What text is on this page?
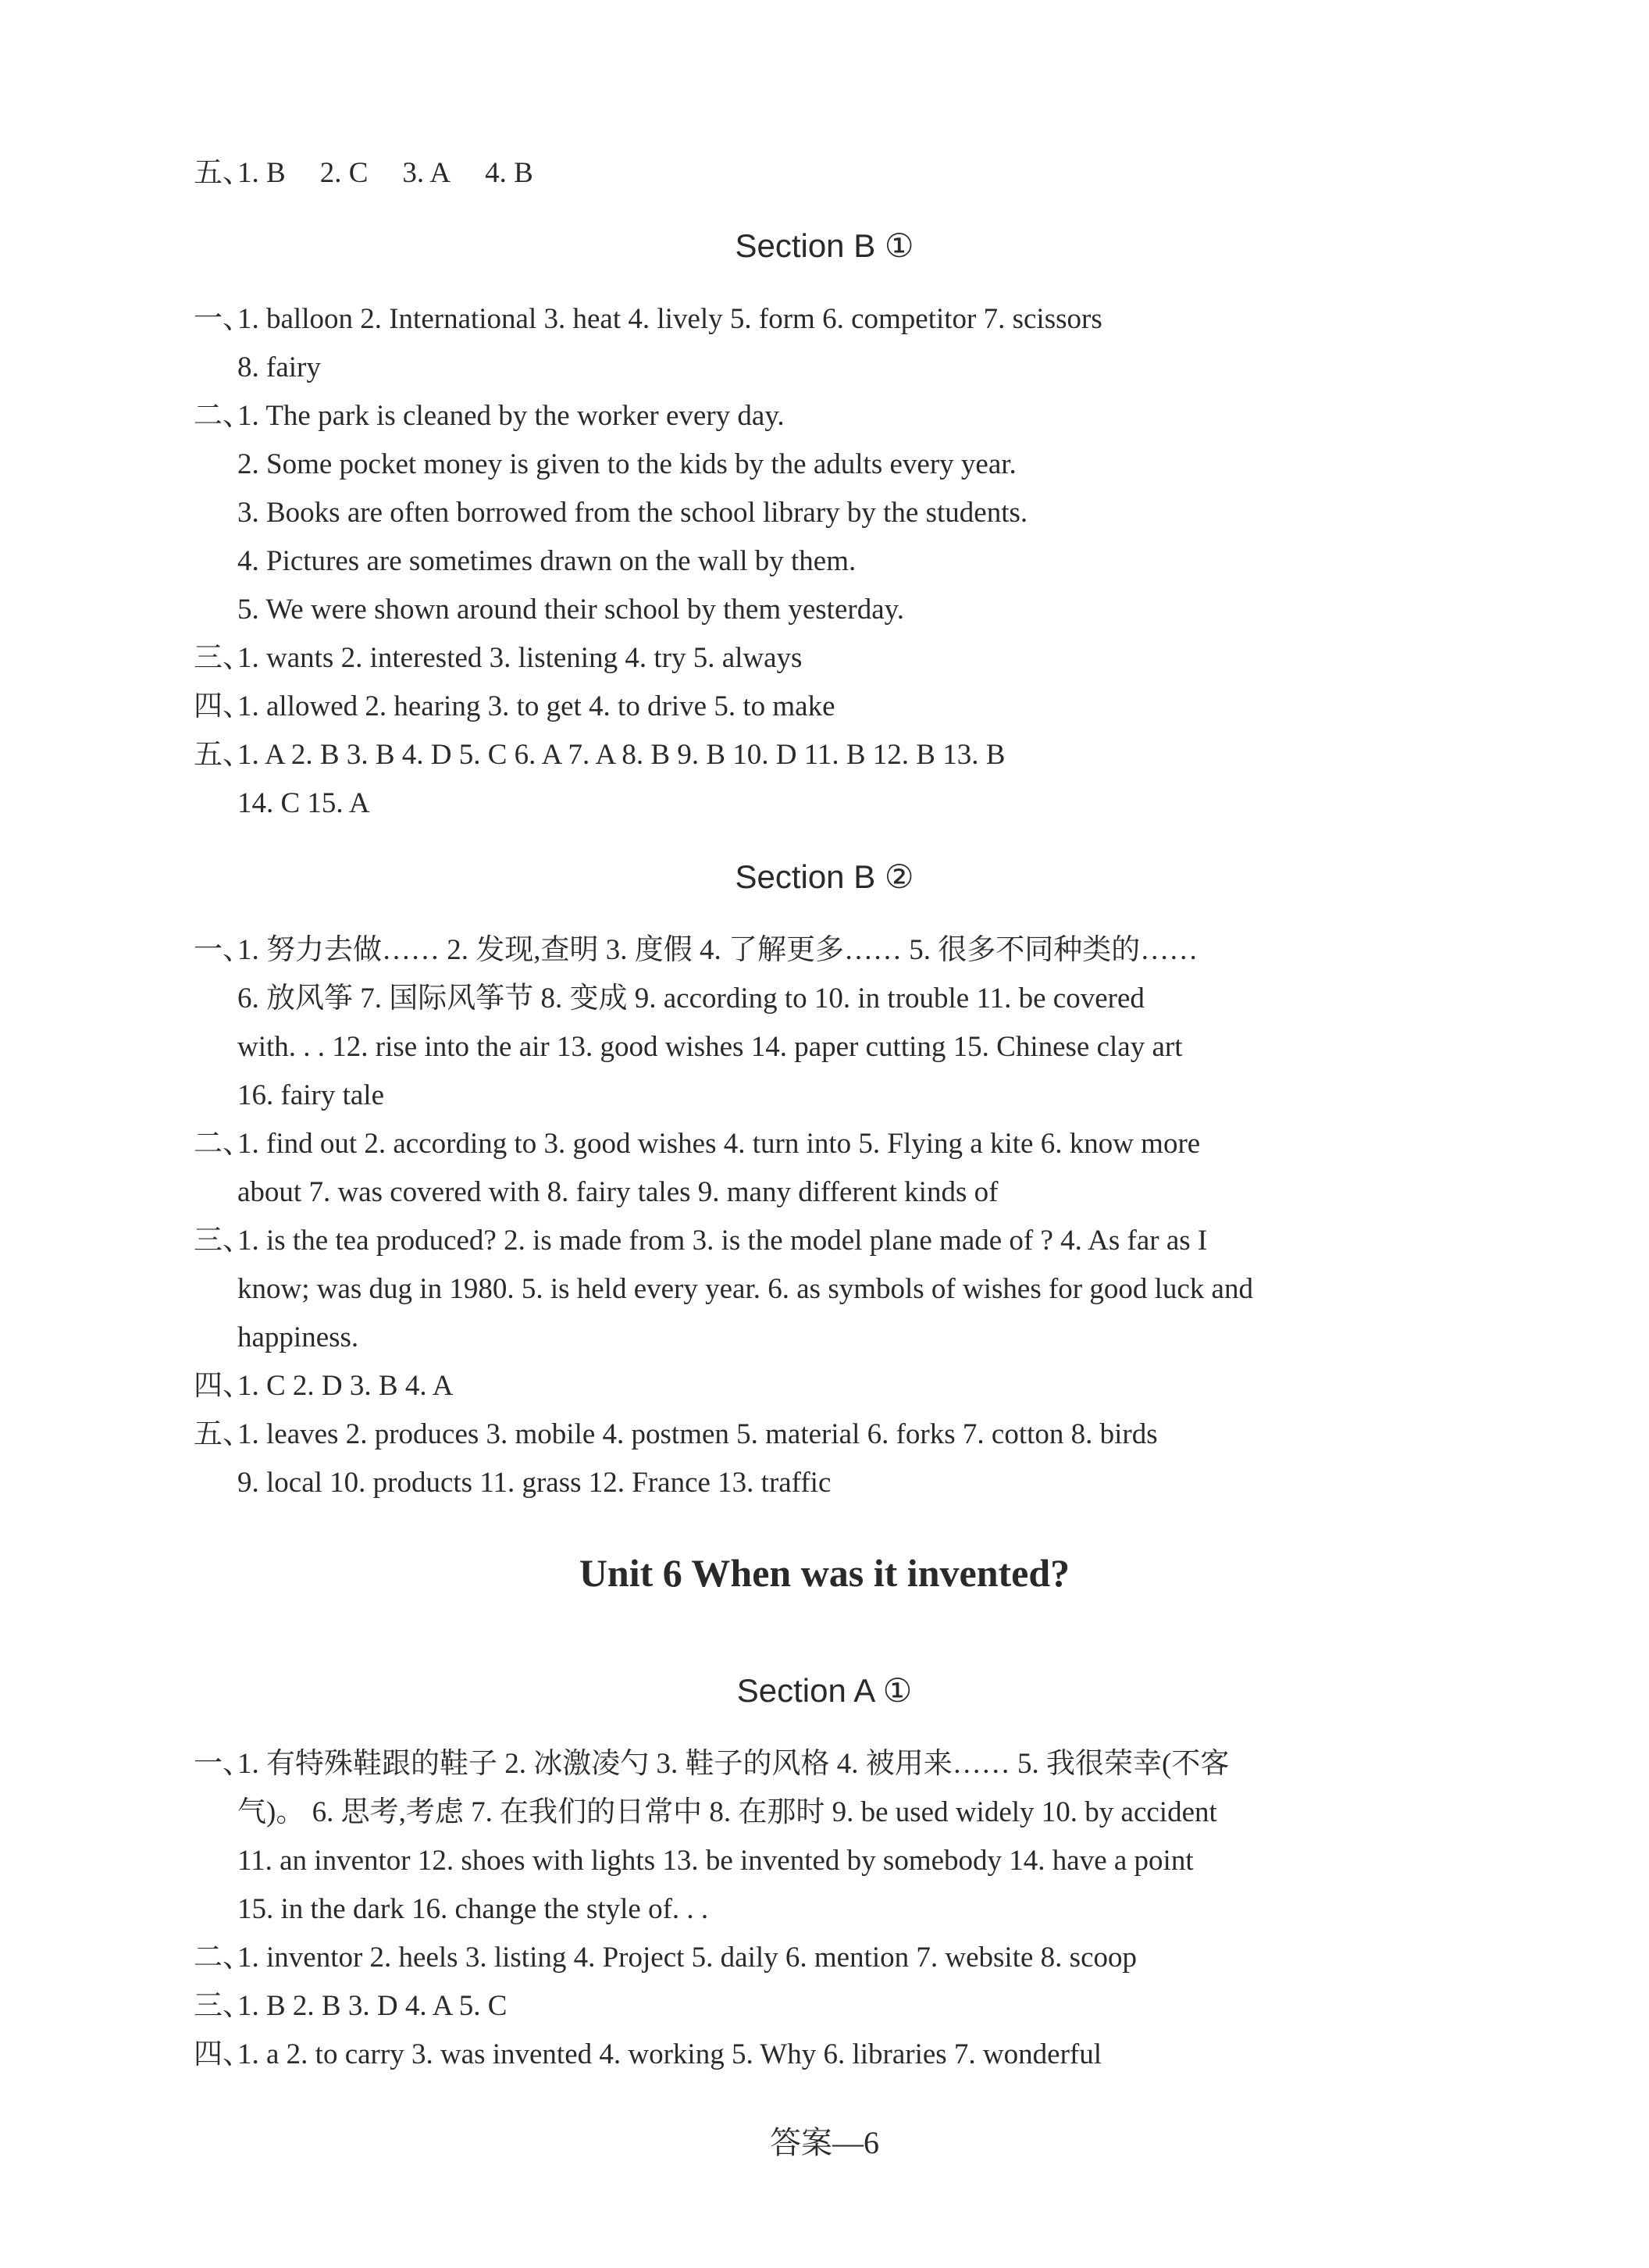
五、1. B 2. C 3. A 4. B
Section B ①
一、1. balloon 2. International 3. heat 4. lively 5. form 6. competitor 7. scissors
8. fairy
二、1. The park is cleaned by the worker every day.
2. Some pocket money is given to the kids by the adults every year.
3. Books are often borrowed from the school library by the students.
4. Pictures are sometimes drawn on the wall by them.
5. We were shown around their school by them yesterday.
三、1. wants 2. interested 3. listening 4. try 5. always
四、1. allowed 2. hearing 3. to get 4. to drive 5. to make
五、1. A 2. B 3. B 4. D 5. C 6. A 7. A 8. B 9. B 10. D 11. B 12. B 13. B
14. C 15. A
Section B ②
一、1. 努力去做…… 2. 发现,查明 3. 度假 4. 了解更多…… 5. 很多不同种类的……
6. 放风筝 7. 国际风筝节 8. 变成 9. according to 10. in trouble 11. be covered
with. . . 12. rise into the air 13. good wishes 14. paper cutting 15. Chinese clay art
16. fairy tale
二、1. find out 2. according to 3. good wishes 4. turn into 5. Flying a kite 6. know more
about 7. was covered with 8. fairy tales 9. many different kinds of
三、1. is the tea produced? 2. is made from 3. is the model plane made of ? 4. As far as I
know; was dug in 1980. 5. is held every year. 6. as symbols of wishes for good luck and
happiness.
四、1. C 2. D 3. B 4. A
五、1. leaves 2. produces 3. mobile 4. postmen 5. material 6. forks 7. cotton 8. birds
9. local 10. products 11. grass 12. France 13. traffic
Unit 6 When was it invented?
Section A ①
一、1. 有特殊鞋跟的鞋子 2. 冰激凌勺 3. 鞋子的风格 4. 被用来…… 5. 我很荣幸(不客
气)。 6. 思考,考虑 7. 在我们的日常中 8. 在那时 9. be used widely 10. by accident
11. an inventor 12. shoes with lights 13. be invented by somebody 14. have a point
15. in the dark 16. change the style of. . .
二、1. inventor 2. heels 3. listing 4. Project 5. daily 6. mention 7. website 8. scoop
三、1. B 2. B 3. D 4. A 5. C
四、1. a 2. to carry 3. was invented 4. working 5. Why 6. libraries 7. wonderful
答案—6
